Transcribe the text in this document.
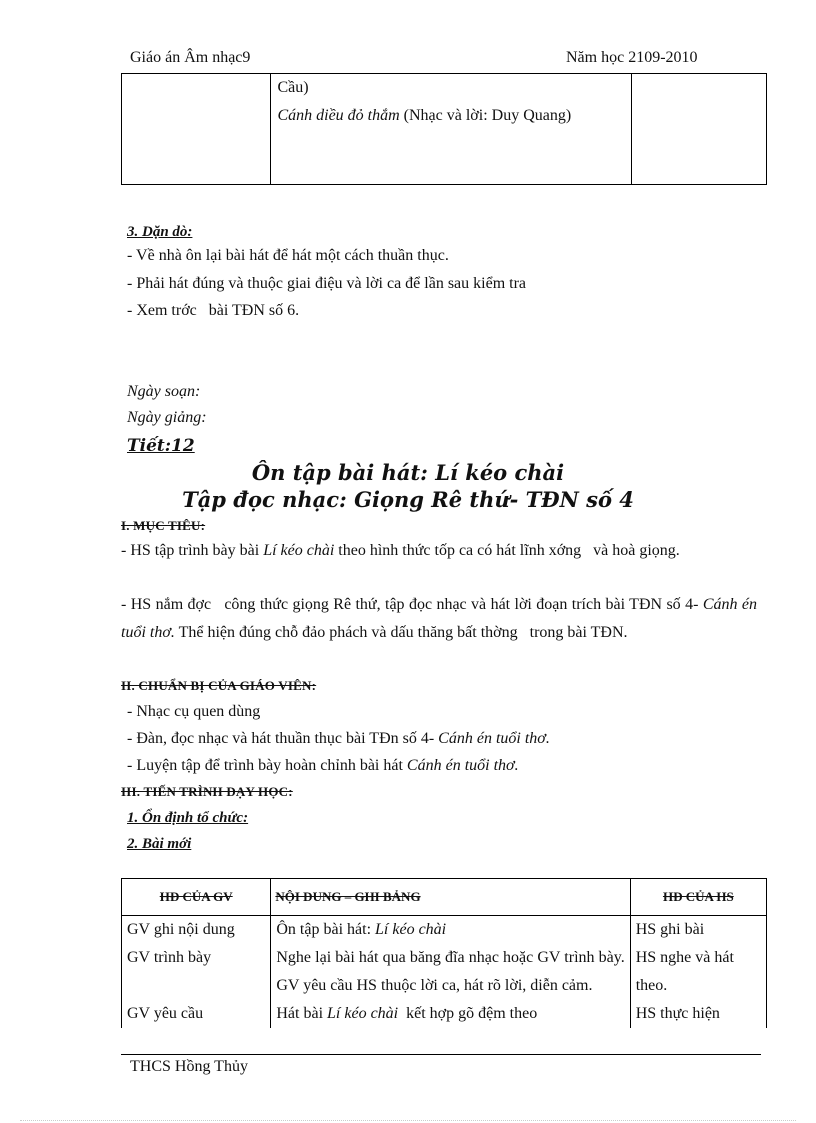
Giáo án Âm nhạc9	Năm học 2109-2010
	Cầu)
Cánh diều đỏ thắm (Nhạc và lời: Duy Quang)	
3. Dặn dò:
- Về nhà ôn lại bài hát để hát một cách thuần thục.
- Phải hát đúng và thuộc giai điệu và lời ca để lần sau kiểm tra
- Xem trớc   bài TĐN số 6.
Ngày soạn:
Ngày giảng:
Tiết:12
Ôn tập bài hát: Lí kéo chài
Tập đọc nhạc: Giọng Rê thứ- TĐN số 4
I. MỤC TIÊU:
- HS tập trình bày bài Lí kéo chài theo hình thức tốp ca có hát lĩnh xớng   và hoà giọng.
- HS nắm đợc   công thức giọng Rê thứ, tập đọc nhạc và hát lời đoạn trích bài TĐN số 4- Cánh én tuổi thơ. Thể hiện đúng chỗ đảo phách và dấu thăng bất thờng   trong bài TĐN.
II. CHUẨN BỊ CỦA GIÁO VIÊN:
- Nhạc cụ quen dùng
- Đàn, đọc nhạc và hát thuần thục bài TĐn số 4- Cánh én tuổi thơ.
- Luyện tập để trình bày hoàn chỉnh bài hát Cánh én tuổi thơ.
III. TIẾN TRÌNH DẠY HỌC:
1. Ổn định tổ chức:
2. Bài mới
HĐ CỦA GV	NỘI DUNG – GHI BẢNG	HĐ CỦA HS
GV ghi nội dung	Ôn tập bài hát: Lí kéo chài	HS ghi bài
GV trình bày	Nghe lại bài hát qua băng đĩa nhạc hoặc GV trình bày. GV yêu cầu HS thuộc lời ca, hát rõ lời, diễn cảm.	HS nghe và hát theo.
GV yêu cầu	Hát bài Lí kéo chài  kết hợp gõ đệm theo	HS thực hiện
THCS Hồng Thủy
